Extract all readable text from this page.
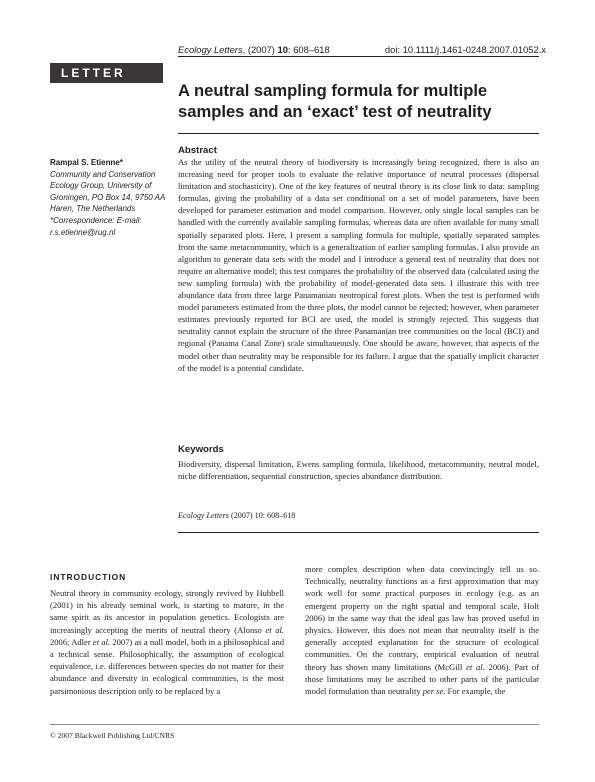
Ecology Letters, (2007) 10: 608–618	doi: 10.1111/j.1461-0248.2007.01052.x
LETTER
A neutral sampling formula for multiple samples and an ‘exact’ test of neutrality
Rampal S. Etienne*
Community and Conservation Ecology Group, University of Groningen, PO Box 14, 9750 AA Haren, The Netherlands
*Correspondence: E-mail: r.s.etienne@rug.nl
Abstract
As the utility of the neutral theory of biodiversity is increasingly being recognized, there is also an increasing need for proper tools to evaluate the relative importance of neutral processes (dispersal limitation and stochasticity). One of the key features of neutral theory is its close link to data: sampling formulas, giving the probability of a data set conditional on a set of model parameters, have been developed for parameter estimation and model comparison. However, only single local samples can be handled with the currently available sampling formulas, whereas data are often available for many small spatially separated plots. Here, I present a sampling formula for multiple, spatially separated samples from the same metacommunity, which is a generalization of earlier sampling formulas. I also provide an algorithm to generate data sets with the model and I introduce a general test of neutrality that does not require an alternative model; this test compares the probability of the observed data (calculated using the new sampling formula) with the probability of model-generated data sets. I illustrate this with tree abundance data from three large Panamanian neotropical forest plots. When the test is performed with model parameters estimated from the three plots, the model cannot be rejected; however, when parameter estimates previously reported for BCI are used, the model is strongly rejected. This suggests that neutrality cannot explain the structure of the three Panamanian tree communities on the local (BCI) and regional (Panama Canal Zone) scale simultaneously. One should be aware, however, that aspects of the model other than neutrality may be responsible for its failure. I argue that the spatially implicit character of the model is a potential candidate.
Keywords
Biodiversity, dispersal limitation, Ewens sampling formula, likelihood, metacommunity, neutral model, niche differentiation, sequential construction, species abundance distribution.
Ecology Letters (2007) 10: 608–618
INTRODUCTION

Neutral theory in community ecology, strongly revived by Hubbell (2001) in his already seminal work, is starting to mature, in the same spirit as its ancestor in population genetics. Ecologists are increasingly accepting the merits of neutral theory (Alonso et al. 2006; Adler et al. 2007) as a null model, both in a philosophical and a technical sense. Philosophically, the assumption of ecological equivalence, i.e. differences between species do not matter for their abundance and diversity in ecological communities, is the most parsimonious description only to be replaced by a

more complex description when data convincingly tell us so. Technically, neutrality functions as a first approximation that may work well for some practical purposes in ecology (e.g. as an emergent property on the right spatial and temporal scale, Holt 2006) in the same way that the ideal gas law has proved useful in physics. However, this does not mean that neutrality itself is the generally accepted explanation for the structure of ecological communities. On the contrary, empirical evaluation of neutral theory has shown many limitations (McGill et al. 2006). Part of those limitations may be ascribed to other parts of the particular model formulation than neutrality per se. For example, the

© 2007 Blackwell Publishing Ltd/CNRS
